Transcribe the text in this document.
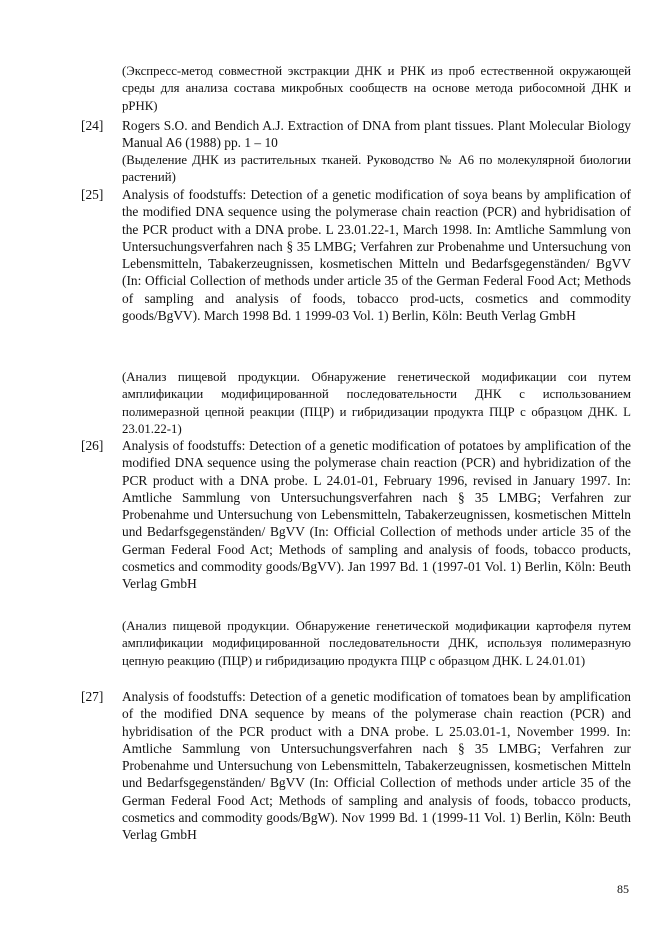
(Экспресс-метод совместной экстракции ДНК и РНК из проб естественной окружающей среды для анализа состава микробных сообществ на основе метода рибосомной ДНК и рРНК)
[24]	Rogers S.O. and Bendich A.J. Extraction of DNA from plant tissues. Plant Molecular Biology Manual A6 (1988) pp. 1 – 10
(Выделение ДНК из растительных тканей. Руководство № А6 по молекулярной биологии растений)
[25]	Analysis of foodstuffs: Detection of a genetic modification of soya beans by amplification of the modified DNA sequence using the polymerase chain reaction (PCR) and hybridisation of the PCR product with a DNA probe. L 23.01.22-1, March 1998. In: Amtliche Sammlung von Untersuchungsverfahren nach § 35 LMBG; Verfahren zur Probenahme und Untersuchung von Lebensmitteln, Tabakerzeugnissen, kosmetischen Mitteln und Bedarfsgegenständen/ BgVV (In: Official Collection of methods under article 35 of the German Federal Food Act; Methods of sampling and analysis of foods, tobacco prod-ucts, cosmetics and commodity goods/BgVV). March 1998 Bd. 1 1999-03 Vol. 1) Berlin, Köln: Beuth Verlag GmbH
(Анализ пищевой продукции. Обнаружение генетической модификации сои путем амплификации модифицированной последовательности ДНК с использованием полимеразной цепной реакции (ПЦР) и гибридизации продукта ПЦР с образцом ДНК. L 23.01.22-1)
[26]	Analysis of foodstuffs: Detection of a genetic modification of potatoes by amplification of the modified DNA sequence using the polymerase chain reaction (PCR) and hybridization of the PCR product with a DNA probe. L 24.01-01, February 1996, revised in January 1997. In: Amtliche Sammlung von Untersuchungsverfahren nach § 35 LMBG; Verfahren zur Probenahme und Untersuchung von Lebensmitteln, Tabakerzeugnissen, kosmetischen Mitteln und Bedarfsgegenständen/ BgVV (In: Official Collection of methods under article 35 of the German Federal Food Act; Methods of sampling and analysis of foods, tobacco products, cosmetics and commodity goods/BgVV). Jan 1997 Bd. 1 (1997-01 Vol. 1) Berlin, Köln: Beuth Verlag GmbH
(Анализ пищевой продукции. Обнаружение генетической модификации картофеля путем амплификации модифицированной последовательности ДНК, используя полимеразную цепную реакцию (ПЦР) и гибридизацию продукта ПЦР с образцом ДНК. L 24.01.01)
[27]	Analysis of foodstuffs: Detection of a genetic modification of tomatoes bean by amplification of the modified DNA sequence by means of the polymerase chain reaction (PCR) and hybridisation of the PCR product with a DNA probe. L 25.03.01-1, November 1999. In: Amtliche Sammlung von Untersuchungsverfahren nach § 35 LMBG; Verfahren zur Probenahme und Untersuchung von Lebensmitteln, Tabakerzeugnissen, kosmetischen Mitteln und Bedarfsgegenständen/ BgVV (In: Official Collection of methods under article 35 of the German Federal Food Act; Methods of sampling and analysis of foods, tobacco products, cosmetics and commodity goods/BgW). Nov 1999 Bd. 1 (1999-11 Vol. 1) Berlin, Köln: Beuth Verlag GmbH
85
